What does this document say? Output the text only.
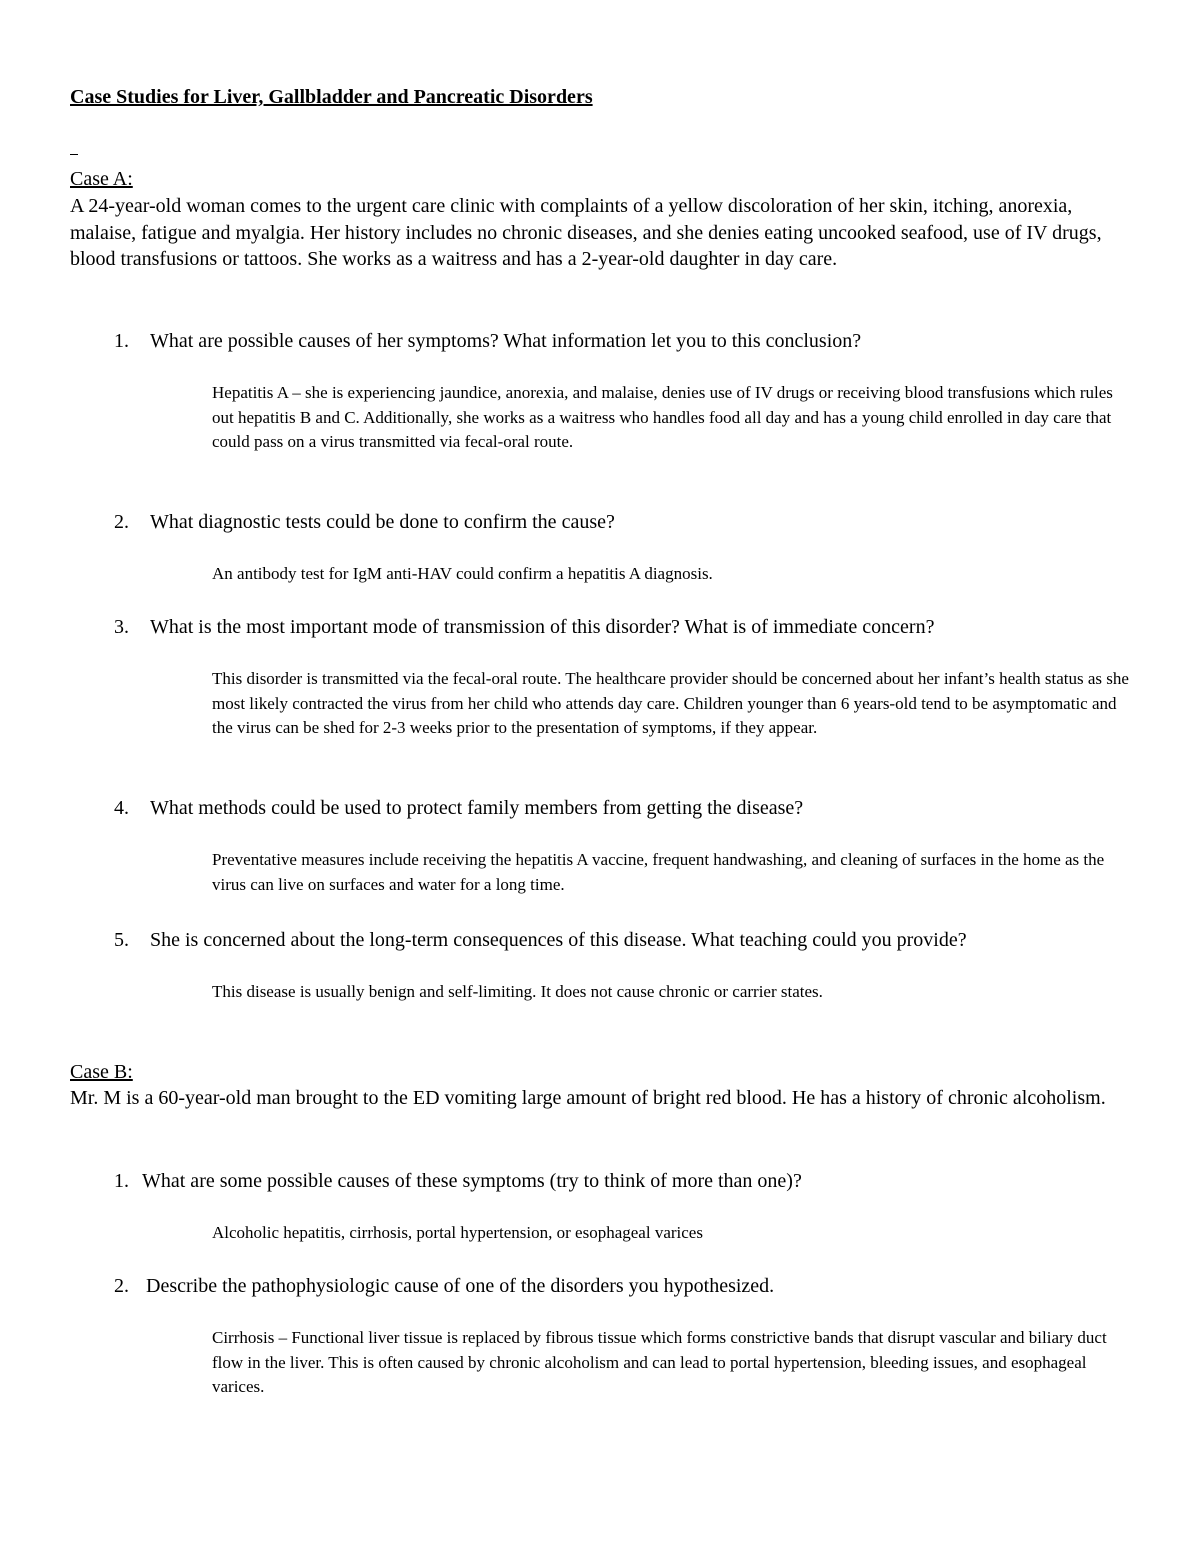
Case Studies for Liver, Gallbladder and Pancreatic Disorders
Case A:

A 24-year-old woman comes to the urgent care clinic with complaints of a yellow discoloration of her skin, itching, anorexia, malaise, fatigue and myalgia. Her history includes no chronic diseases, and she denies eating uncooked seafood, use of IV drugs, blood transfusions or tattoos. She works as a waitress and has a 2-year-old daughter in day care.

1. What are possible causes of her symptoms? What information let you to this conclusion?

Hepatitis A – she is experiencing jaundice, anorexia, and malaise, denies use of IV drugs or receiving blood transfusions which rules out hepatitis B and C. Additionally, she works as a waitress who handles food all day and has a young child enrolled in day care that could pass on a virus transmitted via fecal-oral route.

2. What diagnostic tests could be done to confirm the cause?

An antibody test for IgM anti-HAV could confirm a hepatitis A diagnosis.

3. What is the most important mode of transmission of this disorder? What is of immediate concern?

This disorder is transmitted via the fecal-oral route. The healthcare provider should be concerned about her infant’s health status as she most likely contracted the virus from her child who attends day care. Children younger than 6 years-old tend to be asymptomatic and the virus can be shed for 2-3 weeks prior to the presentation of symptoms, if they appear.

4. What methods could be used to protect family members from getting the disease?

Preventative measures include receiving the hepatitis A vaccine, frequent handwashing, and cleaning of surfaces in the home as the virus can live on surfaces and water for a long time.

5. She is concerned about the long-term consequences of this disease. What teaching could you provide?

This disease is usually benign and self-limiting. It does not cause chronic or carrier states.

Case B:

Mr. M is a 60-year-old man brought to the ED vomiting large amount of bright red blood. He has a history of chronic alcoholism.

1. What are some possible causes of these symptoms (try to think of more than one)?

Alcoholic hepatitis, cirrhosis, portal hypertension, or esophageal varices

2. Describe the pathophysiologic cause of one of the disorders you hypothesized.

Cirrhosis – Functional liver tissue is replaced by fibrous tissue which forms constrictive bands that disrupt vascular and biliary duct flow in the liver. This is often caused by chronic alcoholism and can lead to portal hypertension, bleeding issues, and esophageal varices.
